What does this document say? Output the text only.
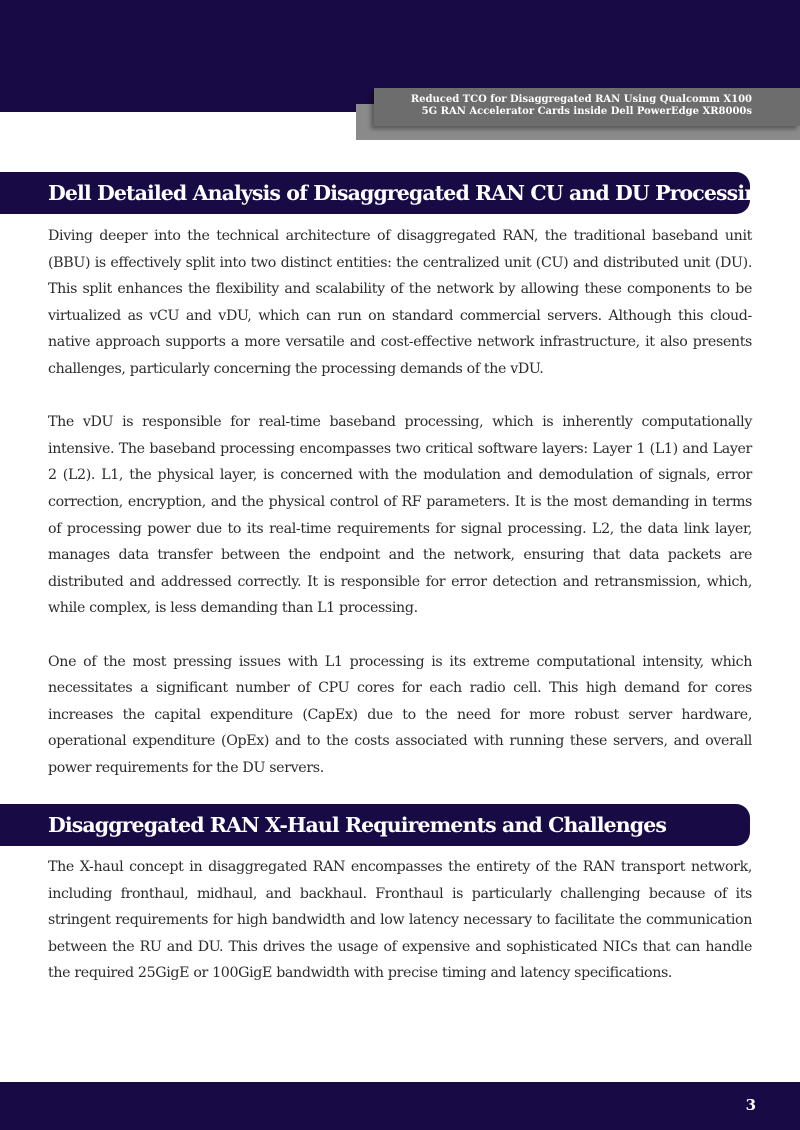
Reduced TCO for Disaggregated RAN Using Qualcomm X100
5G RAN Accelerator Cards inside Dell PowerEdge XR8000s
Dell Detailed Analysis of Disaggregated RAN CU and DU Processing

Diving deeper into the technical architecture of disaggregated RAN, the traditional baseband unit (BBU) is effectively split into two distinct entities: the centralized unit (CU) and distributed unit (DU). This split enhances the flexibility and scalability of the network by allowing these components to be virtualized as vCU and vDU, which can run on standard commercial servers. Although this cloud-native approach supports a more versatile and cost-effective network infrastructure, it also presents challenges, particularly concerning the processing demands of the vDU.

The vDU is responsible for real-time baseband processing, which is inherently computationally intensive. The baseband processing encompasses two critical software layers: Layer 1 (L1) and Layer 2 (L2). L1, the physical layer, is concerned with the modulation and demodulation of signals, error correction, encryption, and the physical control of RF parameters. It is the most demanding in terms of processing power due to its real-time requirements for signal processing. L2, the data link layer, manages data transfer between the endpoint and the network, ensuring that data packets are distributed and addressed correctly. It is responsible for error detection and retransmission, which, while complex, is less demanding than L1 processing.

One of the most pressing issues with L1 processing is its extreme computational intensity, which necessitates a significant number of CPU cores for each radio cell. This high demand for cores increases the capital expenditure (CapEx) due to the need for more robust server hardware, operational expenditure (OpEx) and to the costs associated with running these servers, and overall power requirements for the DU servers.

Disaggregated RAN X-Haul Requirements and Challenges

The X-haul concept in disaggregated RAN encompasses the entirety of the RAN transport network, including fronthaul, midhaul, and backhaul. Fronthaul is particularly challenging because of its stringent requirements for high bandwidth and low latency necessary to facilitate the communication between the RU and DU. This drives the usage of expensive and sophisticated NICs that can handle the required 25GigE or 100GigE bandwidth with precise timing and latency specifications.

3
